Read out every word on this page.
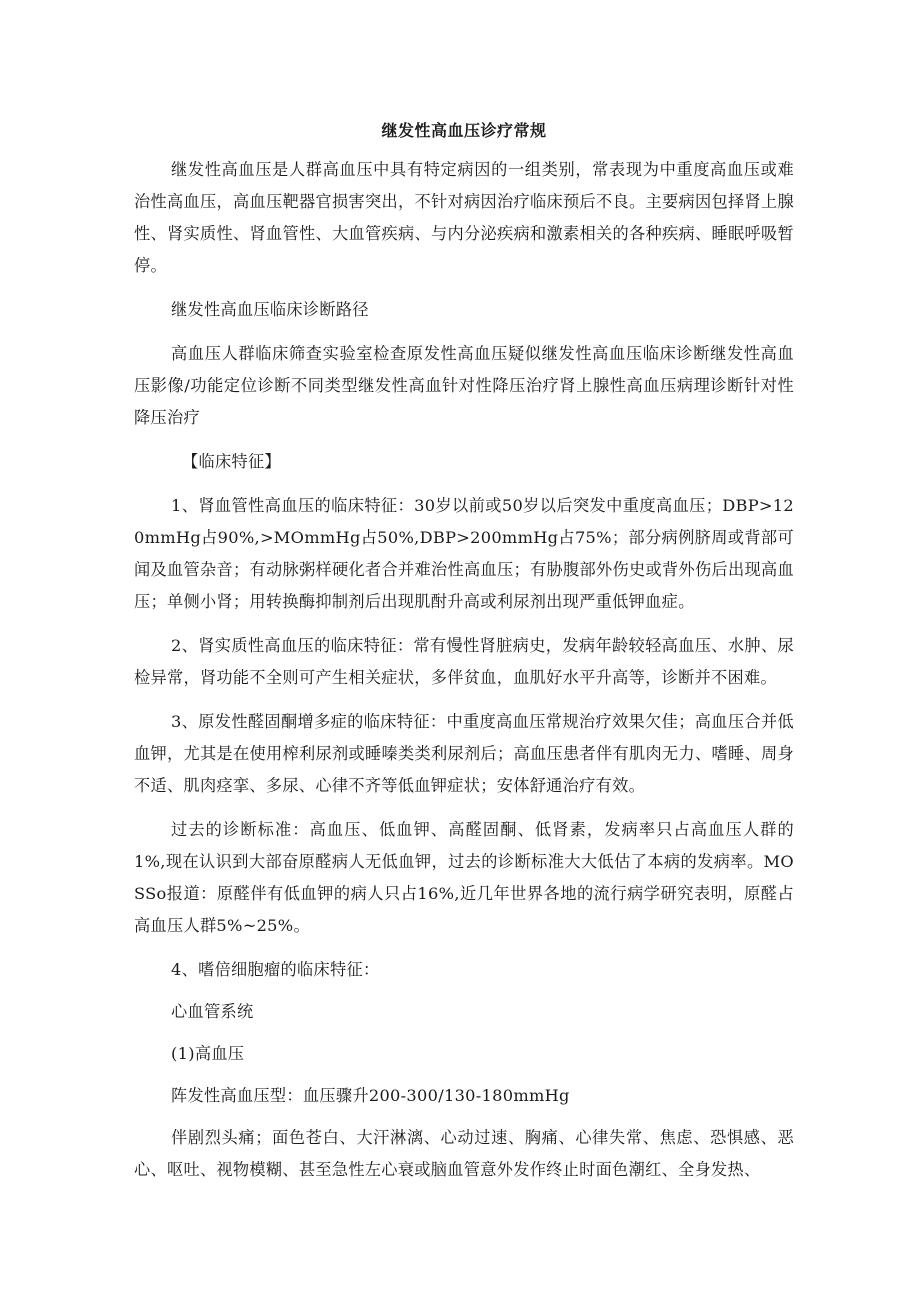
继发性高血压诊疗常规

继发性高血压是人群高血压中具有特定病因的一组类别，常表现为中重度高血压或难治性高血压，高血压靶器官损害突出，不针对病因治疗临床预后不良。主要病因包择肾上腺性、肾实质性、肾血管性、大血管疾病、与内分泌疾病和激素相关的各种疾病、睡眠呼吸暂停。

继发性高血压临床诊断路径

高血压人群临床筛查实验室检查原发性高血压疑似继发性高血压临床诊断继发性高血压影像/功能定位诊断不同类型继发性高血针对性降压治疗肾上腺性高血压病理诊断针对性降压治疗

【临床特征】

1、肾血管性高血压的临床特征：30岁以前或50岁以后突发中重度高血压；DBP>120mmHg占90%,>MOmmHg占50%,DBP>200mmHg占75%；部分病例脐周或背部可闻及血管杂音；有动脉粥样硬化者合并难治性高血压；有胁腹部外伤史或背外伤后出现高血压；单侧小肾；用转换酶抑制剂后出现肌酎升高或利尿剂出现严重低钾血症。

2、肾实质性高血压的临床特征：常有慢性肾脏病史，发病年龄较轻高血压、水肿、尿检异常，肾功能不全则可产生相关症状，多伴贫血，血肌好水平升高等，诊断并不困难。

3、原发性醛固酮增多症的临床特征：中重度高血压常规治疗效果欠佳；高血压合并低血钾，尤其是在使用榨利尿剂或睡嗪类类利尿剂后；高血压患者伴有肌肉无力、嗜睡、周身不适、肌肉痉挛、多尿、心律不齐等低血钾症状；安体舒通治疗有效。

过去的诊断标准：高血压、低血钾、高醛固酮、低肾素，发病率只占高血压人群的1%,现在认识到大部奋原醛病人无低血钾，过去的诊断标准大大低估了本病的发病率。MOSSo报道：原醛伴有低血钾的病人只占16%,近几年世界各地的流行病学研究表明，原醛占高血压人群5%~25%。

4、嗜倍细胞瘤的临床特征：

心血管系统

(1)高血压

阵发性高血压型：血压骤升200-300/130-180mmHg

伴剧烈头痛；面色苍白、大汗淋漓、心动过速、胸痛、心律失常、焦虑、恐惧感、恶心、呕吐、视物模糊、甚至急性左心衰或脑血管意外发作终止时面色潮红、全身发热、
